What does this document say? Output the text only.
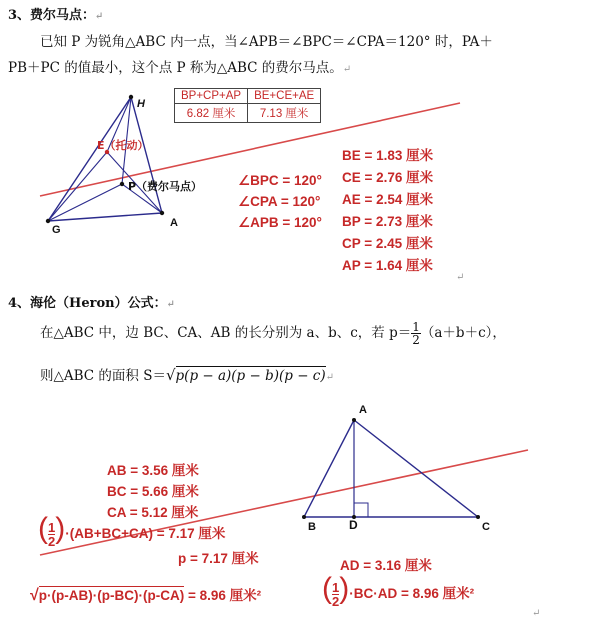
3、费尔马点：↵
已知 P 为锐角△ABC 内一点，当∠APB＝∠BPC＝∠CPA＝120° 时，PA＋
PB＋PC 的值最小，这个点 P 称为△ABC 的费尔马点。↵
H
E（托动）
P（费尔马点）
G
A
BP+CP+AP	BE+CE+AE
6.82 厘米	7.13 厘米
∠BPC = 120°
∠CPA = 120°
∠APB = 120°
BE = 1.83 厘米
CE = 2.76 厘米
AE = 2.54 厘米
BP = 2.73 厘米
CP = 2.45 厘米
AP = 1.64 厘米
↵
4、海伦（Heron）公式：↵
在△ABC 中，边 BC、CA、AB 的长分别为 a、b、c，若 $p= \frac{1}{2} (a+b+c)$，
则△ABC 的面积 S＝√p(p − a)(p − b)(p − c)↵
A
B	D	C
AB = 3.56 厘米
BC = 5.66 厘米
CA = 5.12 厘米
( $\frac{1}{2})\cdot(AB+BC+CA) = 7.17$ 厘米
p = 7.17 厘米	AD = 3.16 厘米
√p·(p-AB)·(p-BC)·(p-CA) = 8.96 厘米² ( $\frac{1}{2})\cdot BC\cdot AD = 8.96$ 厘米²
↵
